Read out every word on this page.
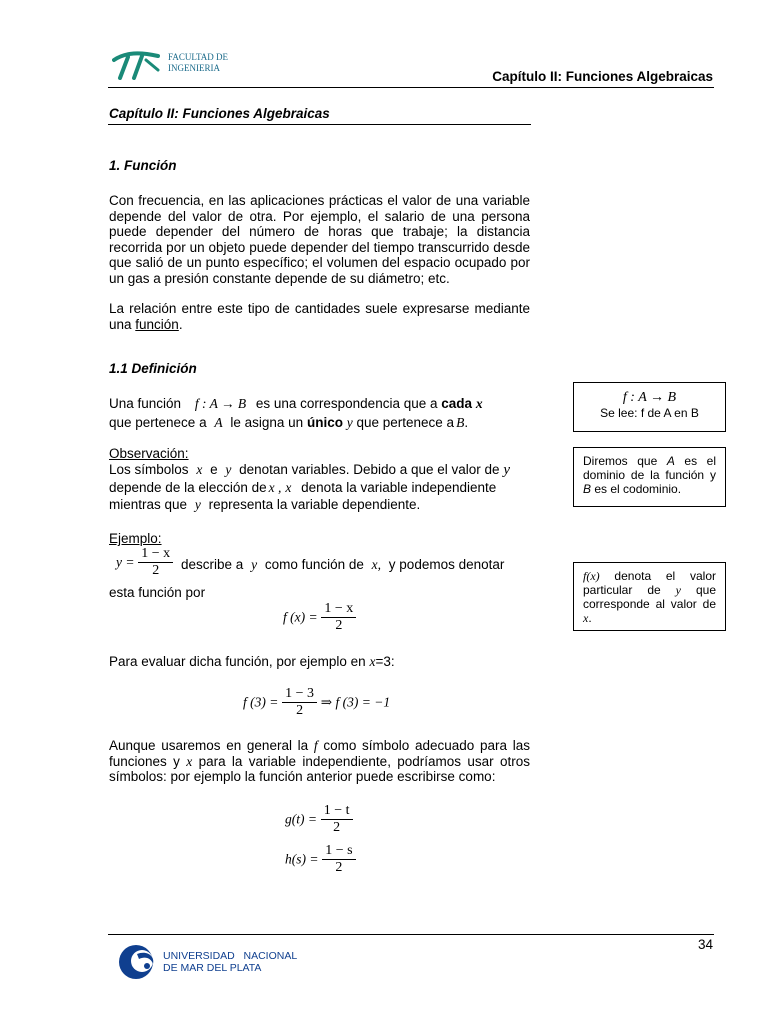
FACULTAD DE
INGENIERIA
Capítulo II: Funciones Algebraicas
Capítulo II: Funciones Algebraicas
1. Función
Con frecuencia, en las aplicaciones prácticas el valor de una variable depende del valor de otra. Por ejemplo, el salario de una persona puede depender del número de horas que trabaje; la distancia recorrida por un objeto puede depender del tiempo transcurrido desde que salió de un punto específico; el volumen del espacio ocupado por un gas a presión constante depende de su diámetro; etc.
La relación entre este tipo de cantidades suele expresarse mediante una función.
1.1 Definición
Una función f : A → B es una correspondencia que a cada x
que pertenece a A le asigna un único y que pertenece a B.
Observación:
Los símbolos x e y denotan variables. Debido a que el valor de y
depende de la elección de x , x denota la variable independiente
mientras que y representa la variable dependiente.
Ejemplo:
$y = \frac{1 - x}{2}$ describe a y como función de x, y podemos denotar
esta función por
f $(x) = \frac{1 - x}{2}$
Para evaluar dicha función, por ejemplo en x=3:
f $(3) = \frac{1 - 3}{2}$ ⇒ f (3) = −1
Aunque usaremos en general la f como símbolo adecuado para las funciones y x para la variable independiente, podríamos usar otros símbolos: por ejemplo la función anterior puede escribirse como:
$g(t) = \frac{1 - t}{2}$
$h(s) = \frac{1 - s}{2}$
f : A → B
Se lee: f de A en B
Diremos que A es el dominio de la función y B es el codominio.
f(x) denota el valor particular de y que corresponde al valor de x.
34
UNIVERSIDAD   NACIONAL
DE MAR DEL PLATA
